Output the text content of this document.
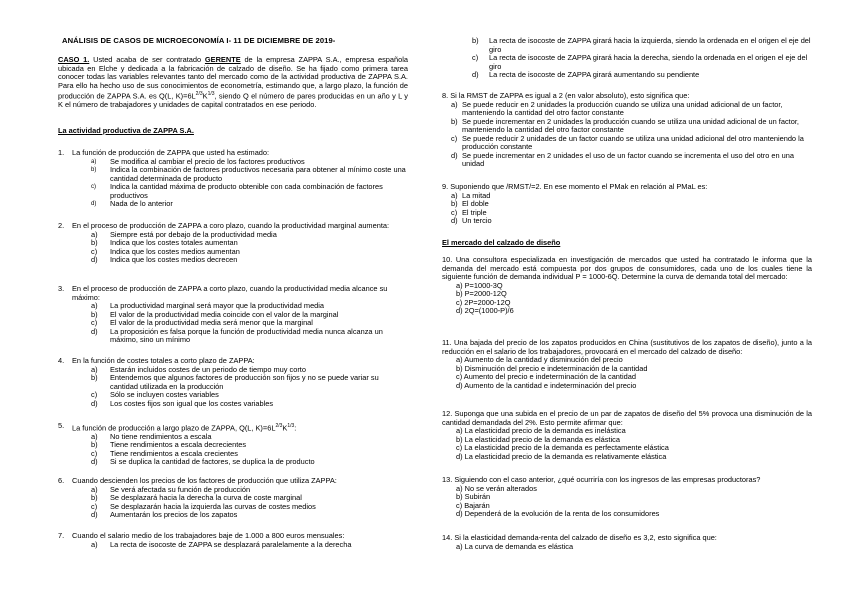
ANÁLISIS DE CASOS DE MICROECONOMÍA I- 11 DE DICIEMBRE DE 2019-

CASO 1. Usted acaba de ser contratado GERENTE de la empresa ZAPPA S.A., empresa española ubicada en Elche y dedicada a la fabricación de calzado de diseño. Se ha fijado como primera tarea conocer todas las variables relevantes tanto del mercado como de la actividad productiva de ZAPPA S.A. Para ello ha hecho uso de sus conocimientos de econometría, estimando que, a largo plazo, la función de producción de ZAPPA S.A. es Q(L, $K)=6L^{2/3}K^{1/3}$, siendo Q el número de pares producidas en un año y L y K el número de trabajadores y unidades de capital contratados en ese periodo.

La actividad productiva de ZAPPA S.A.
1. La función de producción de ZAPPA que usted ha estimado:
a) Se modifica al cambiar el precio de los factores productivos
b) Indica la combinación de factores productivos necesaria para obtener al mínimo coste una cantidad determinada de producto
c) Indica la cantidad máxima de producto obtenible con cada combinación de factores productivos
d) Nada de lo anterior
2. En el proceso de producción de ZAPPA a coro plazo, cuando la productividad marginal aumenta:
a) Siempre está por debajo de la productividad media
b) Indica que los costes totales aumentan
c) Indica que los costes medios aumentan
d) Indica que los costes medios decrecen
3. En el proceso de producción de ZAPPA a corto plazo, cuando la productividad media alcance su máximo:
a) La productividad marginal será mayor que la productividad media
b) El valor de la productividad media coincide con el valor de la marginal
c) El valor de la productividad media será menor que la marginal
d) La proposición es falsa porque la función de productividad media nunca alcanza un máximo, sino un mínimo
4. En la función de costes totales a corto plazo de ZAPPA:
a) Estarán incluidos costes de un periodo de tiempo muy corto
b) Entendemos que algunos factores de producción son fijos y no se puede variar su cantidad utilizada en la producción
c) Sólo se incluyen costes variables
d) Los costes fijos son igual que los costes variables
5. La función de producción a largo plazo de ZAPPA, Q(L, $K)=6L^{2/3}K^{1/3}$:
a) No tiene rendimientos a escala
b) Tiene rendimientos a escala decrecientes
c) Tiene rendimientos a escala crecientes
d) Si se duplica la cantidad de factores, se duplica la de producto
6. Cuando descienden los precios de los factores de producción que utiliza ZAPPA:
a) Se verá afectada su función de producción
b) Se desplazará hacia la derecha la curva de coste marginal
c) Se desplazarán hacia la izquierda las curvas de costes medios
d) Aumentarán los precios de los zapatos
7. Cuando el salario medio de los trabajadores baje de 1.000 a 800 euros mensuales:
a) La recta de isocoste de ZAPPA se desplazará paralelamente a la derecha
b) La recta de isocoste de ZAPPA girará hacia la izquierda, siendo la ordenada en el origen el eje del giro
c) La recta de isocoste de ZAPPA girará hacia la derecha, siendo la ordenada en el origen el eje del giro
d) La recta de isocoste de ZAPPA girará aumentando su pendiente
8. Si la RMST de ZAPPA es igual a 2 (en valor absoluto), esto significa que:
a) Se puede reducir en 2 unidades la producción cuando se utiliza una unidad adicional de un factor, manteniendo la cantidad del otro factor constante
b) Se puede incrementar en 2 unidades la producción cuando se utiliza una unidad adicional de un factor, manteniendo la cantidad del otro factor constante
c) Se puede reducir 2 unidades de un factor cuando se utiliza una unidad adicional del otro manteniendo la producción constante
d) Se puede incrementar en 2 unidades el uso de un factor cuando se incrementa el uso del otro en una unidad
9. Suponiendo que /RMST/=2. En ese momento el PMak en relación al PMaL es:
a) La mitad
b) El doble
c) El triple
d) Un tercio
El mercado del calzado de diseño
10. Una consultora especializada en investigación de mercados que usted ha contratado le informa que la demanda del mercado está compuesta por dos grupos de consumidores, cada uno de los cuales tiene la siguiente función de demanda individual P = 1000-6Q. Determine la curva de demanda total del mercado:
a) P=1000-3Q
b) P=2000-12Q
c) 2P=2000-12Q
d) 2Q=(1000-P)/6
11. Una bajada del precio de los zapatos producidos en China (sustitutivos de los zapatos de diseño), junto a la reducción en el salario de los trabajadores, provocará en el mercado del calzado de diseño:
a) Aumento de la cantidad y disminución del precio
b) Disminución del precio e indeterminación de la cantidad
c) Aumento del precio e indeterminación de la cantidad
d) Aumento de la cantidad e indeterminación del precio
12. Suponga que una subida en el precio de un par de zapatos de diseño del 5% provoca una disminución de la cantidad demandada del 2%. Esto permite afirmar que:
a) La elasticidad precio de la demanda es inelástica
b) La elasticidad precio de la demanda es elástica
c) La elasticidad precio de la demanda es perfectamente elástica
d) La elasticidad precio de la demanda es relativamente elástica
13. Siguiendo con el caso anterior, ¿qué ocurriría con los ingresos de las empresas productoras?
a) No se verán alterados
b) Subirán
c) Bajarán
d) Dependerá de la evolución de la renta de los consumidores
14. Si la elasticidad demanda-renta del calzado de diseño es 3,2, esto significa que:
a) La curva de demanda es elástica
